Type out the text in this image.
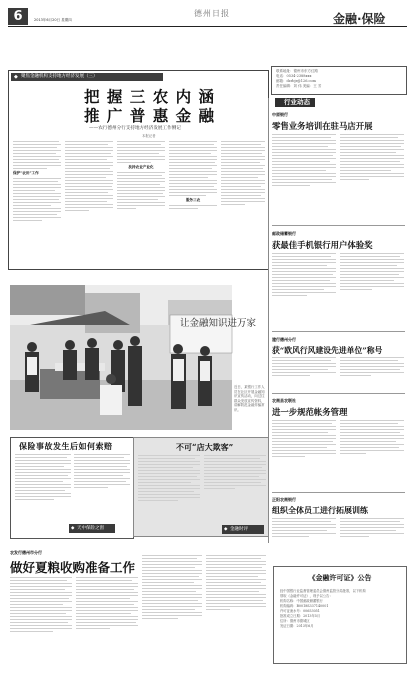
6	2013年6月20日 星期四
德州日报	金融·保险
联系地址：德州市东方红路
电话：0534-2388xxx
邮箱：dzrbjr@126.com
责任编辑：刘 伟 美编：王 芳
行业动态
◆ 聚焦金融机构支持地方经济发展（三）
把 握 三 农 内 涵
推 广 普 惠 金 融
——农行德州分行支持地方经济发展工作侧记
本报记者
保护“农田”工作
扶持农业产业化
服务三农
中原银行
零售业务培训在驻马店开展
邮政储蓄银行
获最佳手机银行用户体验奖
建行德州分行
获“欧风行风建设先进单位”称号
农商县农联社
进一步规范帐务管理
正阳农商银行
组织全体员工进行拓展训练
让金融知识进万家
近日，某银行工作人员在社区开展金融知识宣传活动，向过往群众发放宣传资料，讲解防范金融诈骗常识。
保险事故发生后如何索赔
◆ 天中保险之窗
不可“店大欺客”
◆ 金融时评
农发行德州市分行
做好夏粮收购准备工作
《金融许可证》公告
经中国银行业监督管理委员会德州监管分局批准，以下机构
领取《金融许可证》，现予以公告：
机构名称：中国邮政储蓄银行
机构编码：B0018S337140001
许可证流水号：00653051
批准成立日期：2013年5月
住所：德州市德城区
发证日期：2013年6月
